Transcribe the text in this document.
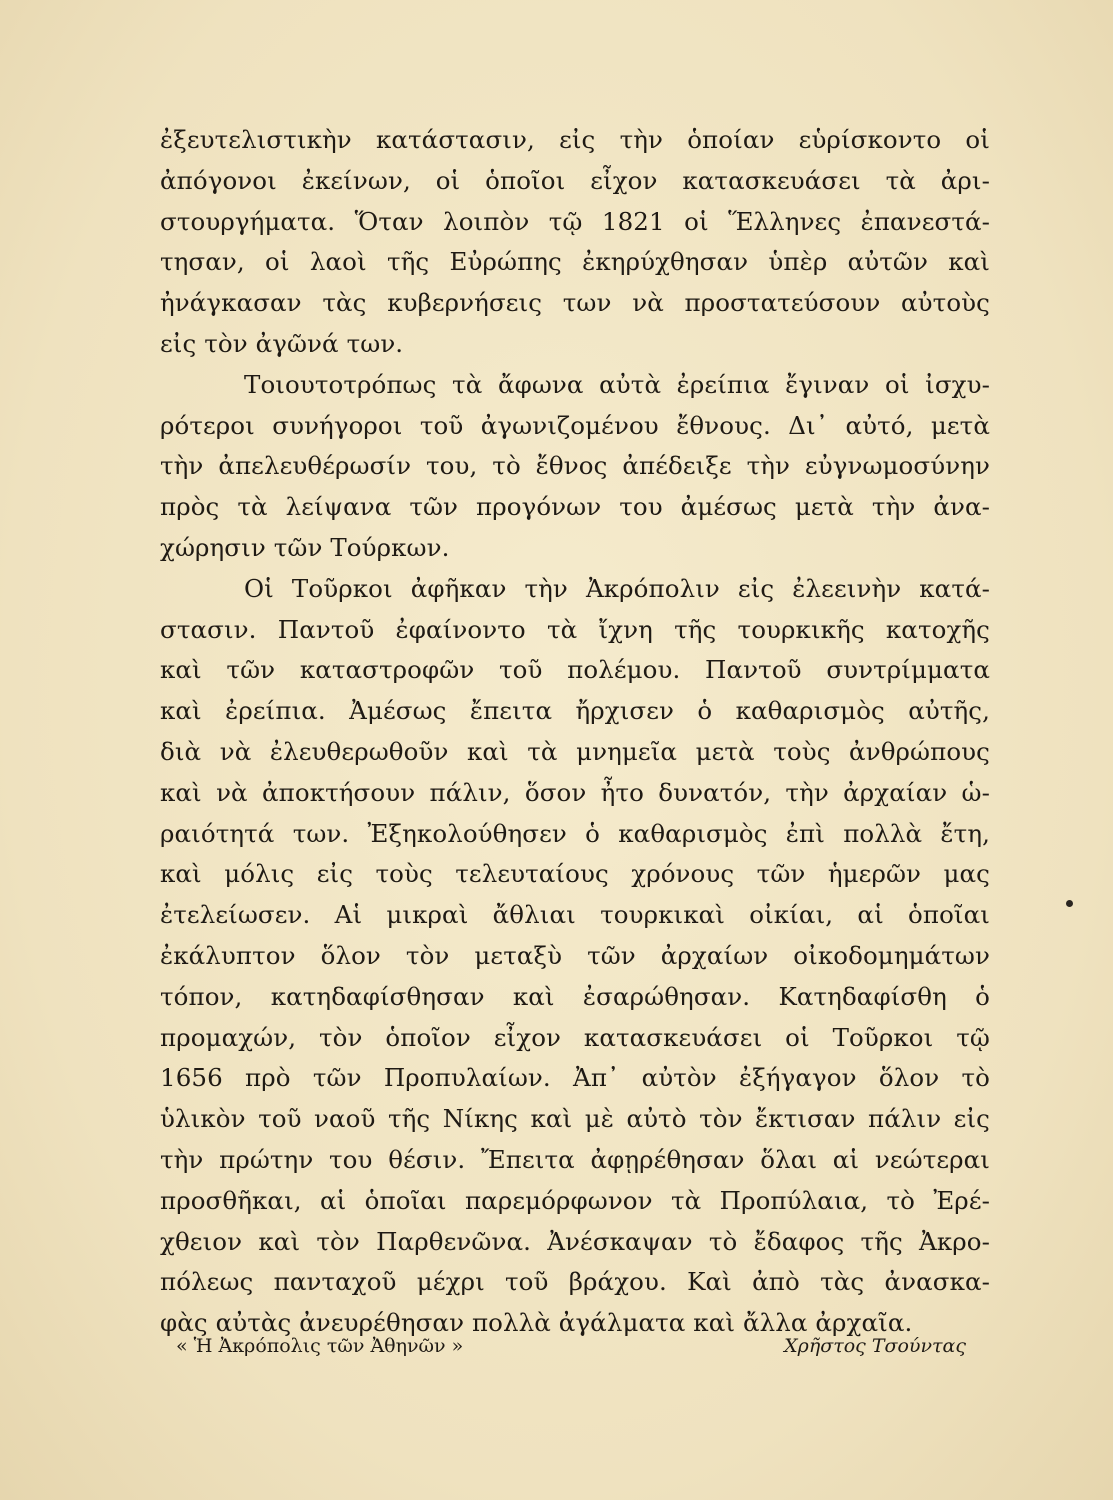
ἐξευτελιστικὴν κατάστασιν, εἰς τὴν ὁποίαν εὑρίσκοντο οἱ
ἀπόγονοι ἐκείνων, οἱ ὁποῖοι εἶχον κατασκευάσει τὰ ἀρι-
στουργήματα. Ὅταν λοιπὸν τῷ 1821 οἱ Ἕλληνες ἐπανεστά-
τησαν, οἱ λαοὶ τῆς Εὐρώπης ἐκηρύχθησαν ὑπὲρ αὐτῶν καὶ
ἠνάγκασαν τὰς κυβερνήσεις των νὰ προστατεύσουν αὐτοὺς
εἰς τὸν ἀγῶνά των.

Τοιουτοτρόπως τὰ ἄφωνα αὐτὰ ἐρείπια ἔγιναν οἱ ἰσχυ-
ρότεροι συνήγοροι τοῦ ἀγωνιζομένου ἔθνους. Δι᾽ αὐτό, μετὰ
τὴν ἀπελευθέρωσίν του, τὸ ἔθνος ἀπέδειξε τὴν εὐγνωμοσύνην
πρὸς τὰ λείψανα τῶν προγόνων του ἀμέσως μετὰ τὴν ἀνα-
χώρησιν τῶν Τούρκων.

Οἱ Τοῦρκοι ἀφῆκαν τὴν Ἀκρόπολιν εἰς ἐλεεινὴν κατά-
στασιν. Παντοῦ ἐφαίνοντο τὰ ἴχνη τῆς τουρκικῆς κατοχῆς
καὶ τῶν καταστροφῶν τοῦ πολέμου. Παντοῦ συντρίμματα
καὶ ἐρείπια. Ἀμέσως ἔπειτα ἤρχισεν ὁ καθαρισμὸς αὐτῆς,
διὰ νὰ ἐλευθερωθοῦν καὶ τὰ μνημεῖα μετὰ τοὺς ἀνθρώπους
καὶ νὰ ἀποκτήσουν πάλιν, ὅσον ἦτο δυνατόν, τὴν ἀρχαίαν ὡ-
ραιότητά των. Ἐξηκολούθησεν ὁ καθαρισμὸς ἐπὶ πολλὰ ἔτη,
καὶ μόλις εἰς τοὺς τελευταίους χρόνους τῶν ἡμερῶν μας
ἐτελείωσεν. Αἱ μικραὶ ἄθλιαι τουρκικαὶ οἰκίαι, αἱ ὁποῖαι
ἐκάλυπτον ὅλον τὸν μεταξὺ τῶν ἀρχαίων οἰκοδομημάτων
τόπον, κατηδαφίσθησαν καὶ ἐσαρώθησαν. Κατηδαφίσθη ὁ
προμαχών, τὸν ὁποῖον εἶχον κατασκευάσει οἱ Τοῦρκοι τῷ
1656 πρὸ τῶν Προπυλαίων. Ἀπ᾽ αὐτὸν ἐξήγαγον ὅλον τὸ
ὑλικὸν τοῦ ναοῦ τῆς Νίκης καὶ μὲ αὐτὸ τὸν ἔκτισαν πάλιν εἰς
τὴν πρώτην του θέσιν. Ἔπειτα ἀφῃρέθησαν ὅλαι αἱ νεώτεραι
προσθῆκαι, αἱ ὁποῖαι παρεμόρφωνον τὰ Προπύλαια, τὸ Ἐρέ-
χθειον καὶ τὸν Παρθενῶνα. Ἀνέσκαψαν τὸ ἔδαφος τῆς Ἀκρο-
πόλεως πανταχοῦ μέχρι τοῦ βράχου. Καὶ ἀπὸ τὰς ἀνασκα-
φὰς αὐτὰς ἀνευρέθησαν πολλὰ ἀγάλματα καὶ ἄλλα ἀρχαῖα.

« Ἡ Ἀκρόπολις τῶν Ἀθηνῶν »	Χρῆστος Τσούντας
